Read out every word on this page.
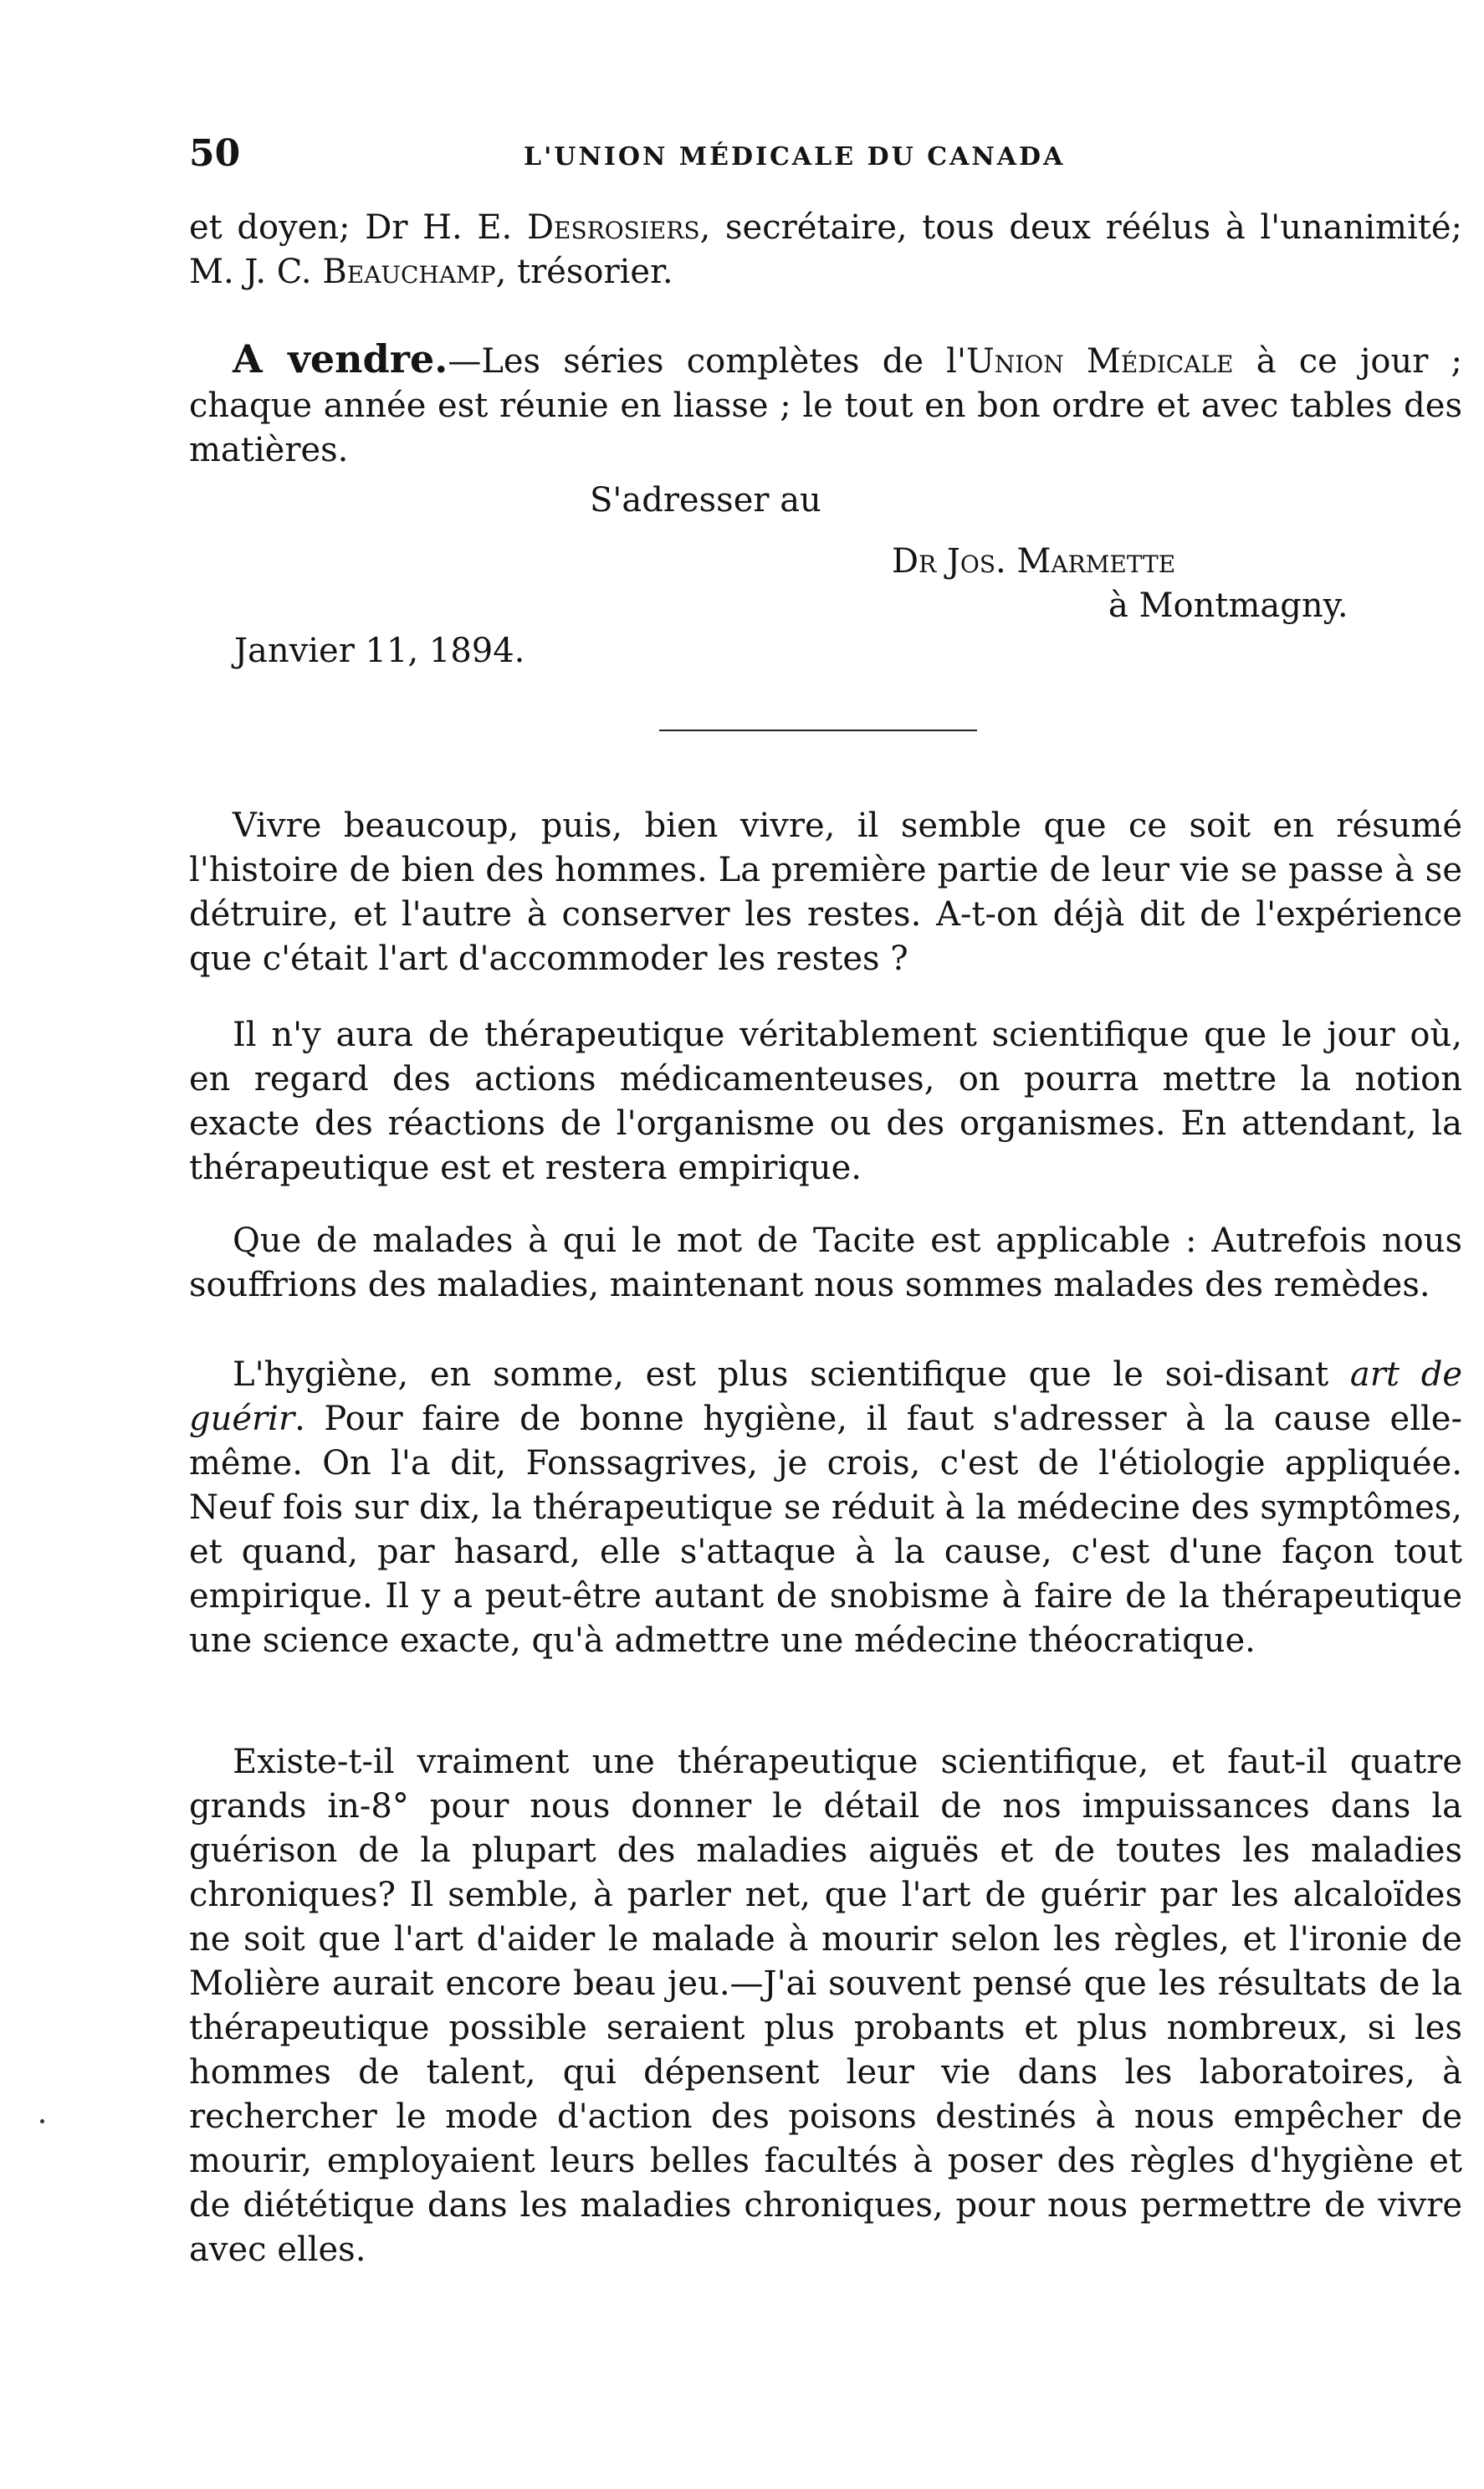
50	L'UNION MÉDICALE DU CANADA

et doyen; Dr H. E. Desrosiers, secrétaire, tous deux réélus à l'unanimité; M. J. C. Beauchamp, trésorier.

A vendre.—Les séries complètes de l'Union Médicale à ce jour ; chaque année est réunie en liasse ; le tout en bon ordre et avec tables des matières.

S'adresser au
Dr Jos. Marmette
à Montmagny.
Janvier 11, 1894.

Vivre beaucoup, puis, bien vivre, il semble que ce soit en résumé l'histoire de bien des hommes. La première partie de leur vie se passe à se détruire, et l'autre à conserver les restes. A-t-on déjà dit de l'expérience que c'était l'art d'accommoder les restes ?

Il n'y aura de thérapeutique véritablement scientifique que le jour où, en regard des actions médicamenteuses, on pourra mettre la notion exacte des réactions de l'organisme ou des organismes. En attendant, la thérapeutique est et restera empirique.

Que de malades à qui le mot de Tacite est applicable : Autrefois nous souffrions des maladies, maintenant nous sommes malades des remèdes.

L'hygiène, en somme, est plus scientifique que le soi-disant art de guérir. Pour faire de bonne hygiène, il faut s'adresser à la cause elle-même. On l'a dit, Fonssagrives, je crois, c'est de l'étiologie appliquée. Neuf fois sur dix, la thérapeutique se réduit à la médecine des symptômes, et quand, par hasard, elle s'attaque à la cause, c'est d'une façon tout empirique. Il y a peut-être autant de snobisme à faire de la thérapeutique une science exacte, qu'à admettre une médecine théocratique.

Existe-t-il vraiment une thérapeutique scientifique, et faut-il quatre grands in-8° pour nous donner le détail de nos impuissances dans la guérison de la plupart des maladies aiguës et de toutes les maladies chroniques? Il semble, à parler net, que l'art de guérir par les alcaloïdes ne soit que l'art d'aider le malade à mourir selon les règles, et l'ironie de Molière aurait encore beau jeu.—J'ai souvent pensé que les résultats de la thérapeutique possible seraient plus probants et plus nombreux, si les hommes de talent, qui dépensent leur vie dans les laboratoires, à rechercher le mode d'action des poisons destinés à nous empêcher de mourir, employaient leurs belles facultés à poser des règles d'hygiène et de diététique dans les maladies chroniques, pour nous permettre de vivre avec elles.
